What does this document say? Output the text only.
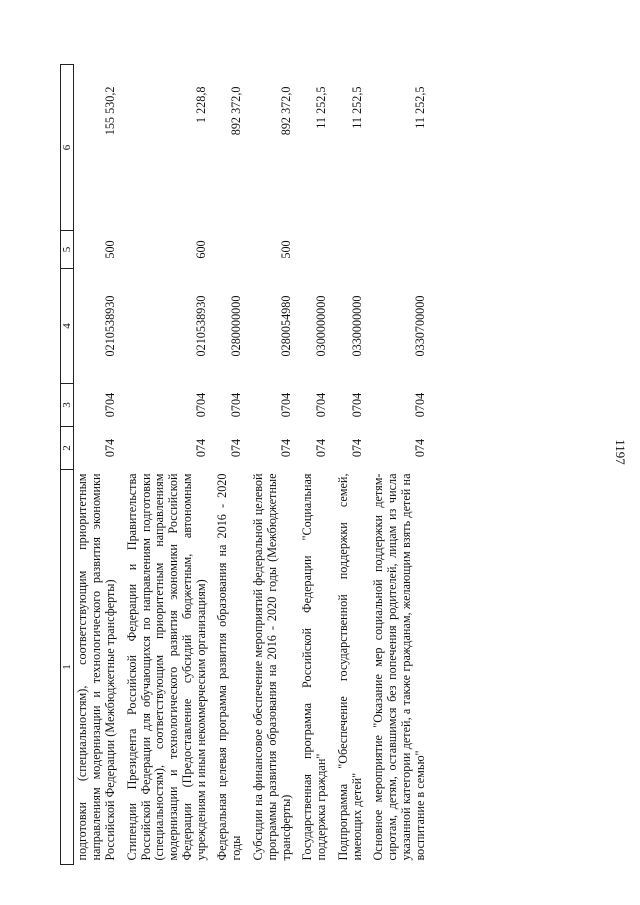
1197
1	2	3	4	5	6
подготовки (специальностям), соответствующим приоритетным направлениям модернизации и технологического развития экономики Российской Федерации (Межбюджетные трансферты)	074	0704	0210538930	500	155 530,2
Стипендии Президента Российской Федерации и Правительства Российской Федерации для обучающихся по направлениям подготовки (специальностям), соответствующим приоритетным направлениям модернизации и технологического развития экономики Российской Федерации (Предоставление субсидий бюджетным, автономным учреждениям и иным некоммерческим организациям)	074	0704	0210538930	600	1 228,8
Федеральная целевая программа развития образования на 2016 - 2020 годы	074	0704	0280000000		892 372,0
Субсидии на финансовое обеспечение мероприятий федеральной целевой программы развития образования на 2016 - 2020 годы (Межбюджетные трансферты)	074	0704	0280054980	500	892 372,0
Государственная программа Российской Федерации "Социальная поддержка граждан"	074	0704	0300000000		11 252,5
Подпрограмма "Обеспечение государственной поддержки семей, имеющих детей"	074	0704	0330000000		11 252,5
Основное мероприятие "Оказание мер социальной поддержки детям-сиротам, детям, оставшимся без попечения родителей, лицам из числа указанной категории детей, а также гражданам, желающим взять детей на воспитание в семью"	074	0704	0330700000		11 252,5
